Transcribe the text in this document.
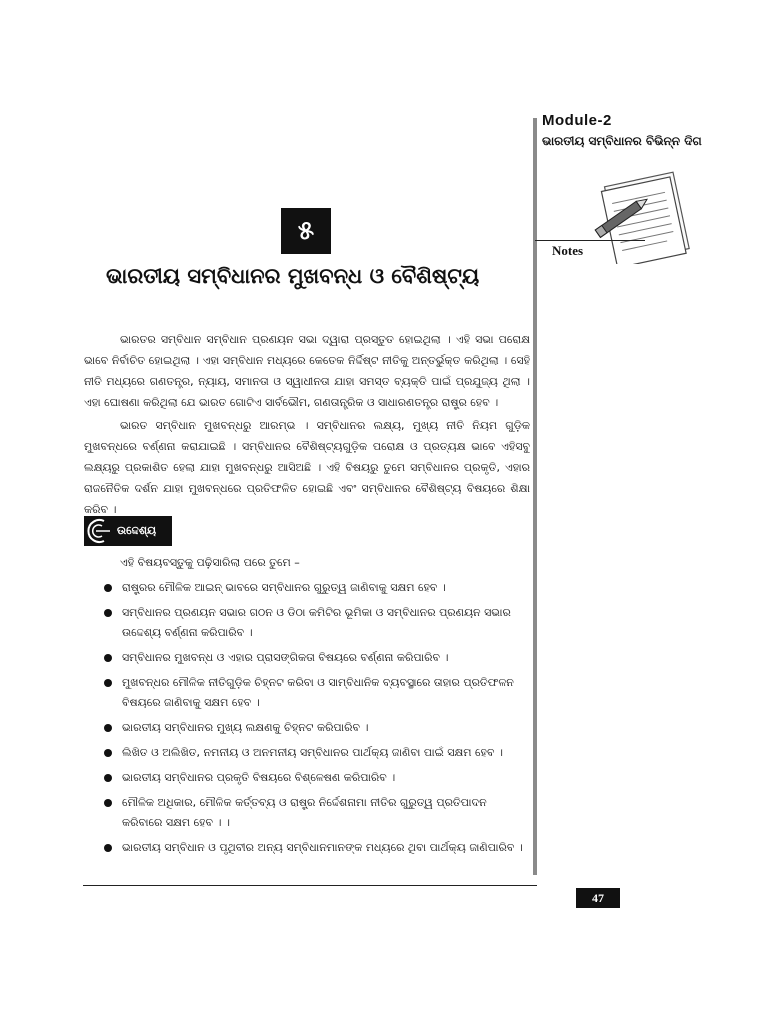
Module-2
ଭାରତୀୟ ସମ୍ବିଧାନର ବିଭିନ୍ନ ଦିଗ
Notes
୫
ଭାରତୀୟ ସମ୍ବିଧାନର ମୁଖବନ୍ଧ ଓ ବୈଶିଷ୍ଟ୍ୟ

ଭାରତର ସମ୍ବିଧାନ ସମ୍ବିଧାନ ପ୍ରଣୟନ ସଭା ଦ୍ୱାରା ପ୍ରସ୍ତୁତ ହୋଇଥିଲା । ଏହି ସଭା ପରୋକ୍ଷ ଭାବେ ନିର୍ବାଚିତ ହୋଇଥିଲା । ଏହା ସମ୍ବିଧାନ ମଧ୍ୟରେ କେତେକ ନିର୍ଦ୍ଦିଷ୍ଟ ନୀତିକୁ ଅନ୍ତର୍ଭୁକ୍ତ କରିଥିଲା । ସେହି ନୀତି ମଧ୍ୟରେ ଗଣତନ୍ତ୍ର, ନ୍ୟାୟ, ସମାନତା ଓ ସ୍ୱାଧୀନତା ଯାହା ସମସ୍ତ ବ୍ୟକ୍ତି ପାଇଁ ପ୍ରଯୁଜ୍ୟ ଥିଲା । ଏହା ଘୋଷଣା କରିଥିଲା ଯେ ଭାରତ ଗୋଟିଏ ସାର୍ବଭୌମ, ଗଣତାନ୍ତ୍ରିକ ଓ ସାଧାରଣତନ୍ତ୍ର ରାଷ୍ଟ୍ର ହେବ ।

ଭାରତ ସମ୍ବିଧାନ ମୁଖବନ୍ଧରୁ ଆରମ୍ଭ । ସମ୍ବିଧାନର ଲକ୍ଷ୍ୟ, ମୁଖ୍ୟ ନୀତି ନିୟମ ଗୁଡ଼ିକ ମୁଖବନ୍ଧରେ ବର୍ଣ୍ଣନା କରାଯାଇଛି । ସମ୍ବିଧାନର ବୈଶିଷ୍ଟ୍ୟଗୁଡ଼ିକ ପରୋକ୍ଷ ଓ ପ୍ରତ୍ୟକ୍ଷ ଭାବେ ଏହିସବୁ ଲକ୍ଷ୍ୟରୁ ପ୍ରକାଶିତ ହେଲା ଯାହା ମୁଖବନ୍ଧରୁ ଆସିଅଛି । ଏହି ବିଷୟରୁ ତୁମେ ସମ୍ବିଧାନର ପ୍ରକୃତି, ଏହାର ରାଜନୈତିକ ଦର୍ଶନ ଯାହା ମୁଖବନ୍ଧରେ ପ୍ରତିଫଳିତ ହୋଇଛି ଏବଂ ସମ୍ବିଧାନର ବୈଶିଷ୍ଟ୍ୟ ବିଷୟରେ ଶିକ୍ଷା କରିବ ।

ଉଦ୍ଦେଶ୍ୟ
ଏହି ବିଷୟବସ୍ତୁକୁ ପଢ଼ିସାରିଲା ପରେ ତୁମେ –
ରାଷ୍ଟ୍ରର ମୌଳିକ ଆଇନ୍ ଭାବରେ ସମ୍ବିଧାନର ଗୁରୁତ୍ୱ ଜାଣିବାକୁ ସକ୍ଷମ ହେବ ।
ସମ୍ବିଧାନର ପ୍ରଣୟନ ସଭାର ଗଠନ ଓ ଡିଠା କମିଟିର ଭୂମିକା ଓ ସମ୍ବିଧାନର ପ୍ରଣୟନ ସଭାର ଉଦ୍ଦେଶ୍ୟ ବର୍ଣ୍ଣନା କରିପାରିବ ।
ସମ୍ବିଧାନର ମୁଖବନ୍ଧ ଓ ଏହାର ପ୍ରାସଙ୍ଗିକତା ବିଷୟରେ ବର୍ଣ୍ଣନା କରିପାରିବ ।
ମୁଖବନ୍ଧର ମୌଳିକ ନୀତିଗୁଡ଼ିକ ଚିହ୍ନଟ କରିବା ଓ ସାମ୍ବିଧାନିକ ବ୍ୟବସ୍ଥାରେ ତାହାର ପ୍ରତିଫଳନ ବିଷୟରେ ଜାଣିବାକୁ ସକ୍ଷମ ହେବ ।
ଭାରତୀୟ ସମ୍ବିଧାନର ମୁଖ୍ୟ ଲକ୍ଷଣକୁ ଚିହ୍ନଟ କରିପାରିବ ।
ଲିଖିତ ଓ ଅଲିଖିତ, ନମନୀୟ ଓ ଅନମନୀୟ ସମ୍ବିଧାନର ପାର୍ଥକ୍ୟ ଜାଣିବା ପାଇଁ ସକ୍ଷମ ହେବ ।
ଭାରତୀୟ ସମ୍ବିଧାନର ପ୍ରକୃତି ବିଷୟରେ ବିଶ୍ଳେଷଣ କରିପାରିବ ।
ମୌଳିକ ଅଧିକାର, ମୌଳିକ କର୍ତ୍ତବ୍ୟ ଓ ରାଷ୍ଟ୍ର ନିର୍ଦ୍ଦେଶନାମା ନୀତିର ଗୁରୁତ୍ୱ ପ୍ରତିପାଦନ କରିବାରେ ସକ୍ଷମ ହେବ । ।
ଭାରତୀୟ ସମ୍ବିଧାନ ଓ ପୃଥିବୀର ଅନ୍ୟ ସମ୍ବିଧାନମାନଙ୍କ ମଧ୍ୟରେ ଥିବା ପାର୍ଥକ୍ୟ ଜାଣିପାରିବ ।
47
